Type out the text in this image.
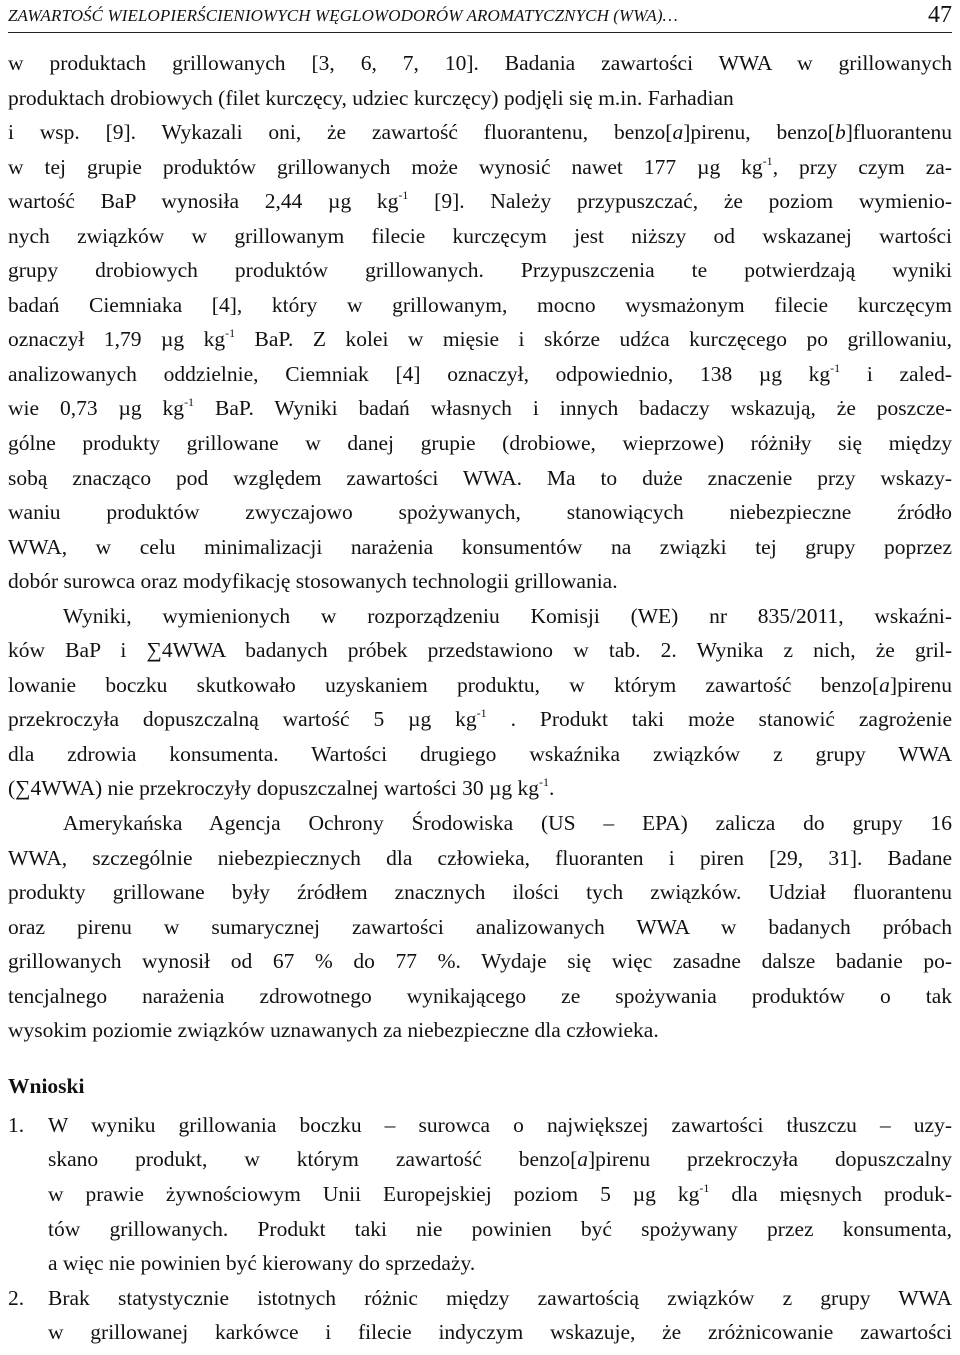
ZAWARTOŚĆ WIELOPIERŚCIENIOWYCH WĘGLOWODORÓW AROMATYCZNYCH (WWA)…	47
w produktach grillowanych [3, 6, 7, 10]. Badania zawartości WWA w grillowanych
produktach drobiowych (filet kurczęcy, udziec kurczęcy) podjęli się m.in. Farhadian
i wsp. [9]. Wykazali oni, że zawartość fluorantenu, benzo[a]pirenu, benzo[b]fluorantenu
w tej grupie produktów grillowanych może wynosić nawet 177 µg $kg^{-1}$, przy czym za-
wartość BaP wynosiła 2,44 µg $kg^{-1}$ [9]. Należy przypuszczać, że poziom wymienio-
nych związków w grillowanym filecie kurczęcym jest niższy od wskazanej wartości
grupy drobiowych produktów grillowanych. Przypuszczenia te potwierdzają wyniki
badań Ciemniaka [4], który w grillowanym, mocno wysmażonym filecie kurczęcym
oznaczył 1,79 µg $kg^{-1}$ BaP. Z kolei w mięsie i skórze udźca kurczęcego po grillowaniu,
analizowanych oddzielnie, Ciemniak [4] oznaczył, odpowiednio, 138 µg $kg^{-1}$ i zaled-
wie 0,73 µg $kg^{-1}$ BaP. Wyniki badań własnych i innych badaczy wskazują, że poszcze-
gólne produkty grillowane w danej grupie (drobiowe, wieprzowe) różniły się między
sobą znacząco pod względem zawartości WWA. Ma to duże znaczenie przy wskazy-
waniu produktów zwyczajowo spożywanych, stanowiących niebezpieczne źródło
WWA, w celu minimalizacji narażenia konsumentów na związki tej grupy poprzez
dobór surowca oraz modyfikację stosowanych technologii grillowania.
Wyniki, wymienionych w rozporządzeniu Komisji (WE) nr 835/2011, wskaźni-
ków BaP i ∑4WWA badanych próbek przedstawiono w tab. 2. Wynika z nich, że gril-
lowanie boczku skutkowało uzyskaniem produktu, w którym zawartość benzo[a]pirenu
przekroczyła dopuszczalną wartość 5 µg $kg^{-1}$ . Produkt taki może stanowić zagrożenie
dla zdrowia konsumenta. Wartości drugiego wskaźnika związków z grupy WWA
(∑4WWA) nie przekroczyły dopuszczalnej wartości 30 µg $kg^{-1}$.
Amerykańska Agencja Ochrony Środowiska (US – EPA) zalicza do grupy 16
WWA, szczególnie niebezpiecznych dla człowieka, fluoranten i piren [29, 31]. Badane
produkty grillowane były źródłem znacznych ilości tych związków. Udział fluorantenu
oraz pirenu w sumarycznej zawartości analizowanych WWA w badanych próbach
grillowanych wynosił od 67 % do 77 %. Wydaje się więc zasadne dalsze badanie po-
tencjalnego narażenia zdrowotnego wynikającego ze spożywania produktów o tak
wysokim poziomie związków uznawanych za niebezpieczne dla człowieka.
Wnioski
1. W wyniku grillowania boczku – surowca o największej zawartości tłuszczu – uzy-
skano produkt, w którym zawartość benzo[a]pirenu przekroczyła dopuszczalny
w prawie żywnościowym Unii Europejskiej poziom 5 µg $kg^{-1}$ dla mięsnych produk-
tów grillowanych. Produkt taki nie powinien być spożywany przez konsumenta,
a więc nie powinien być kierowany do sprzedaży.
2. Brak statystycznie istotnych różnic między zawartością związków z grupy WWA
w grillowanej karkówce i filecie indyczym wskazuje, że zróżnicowanie zawartości
